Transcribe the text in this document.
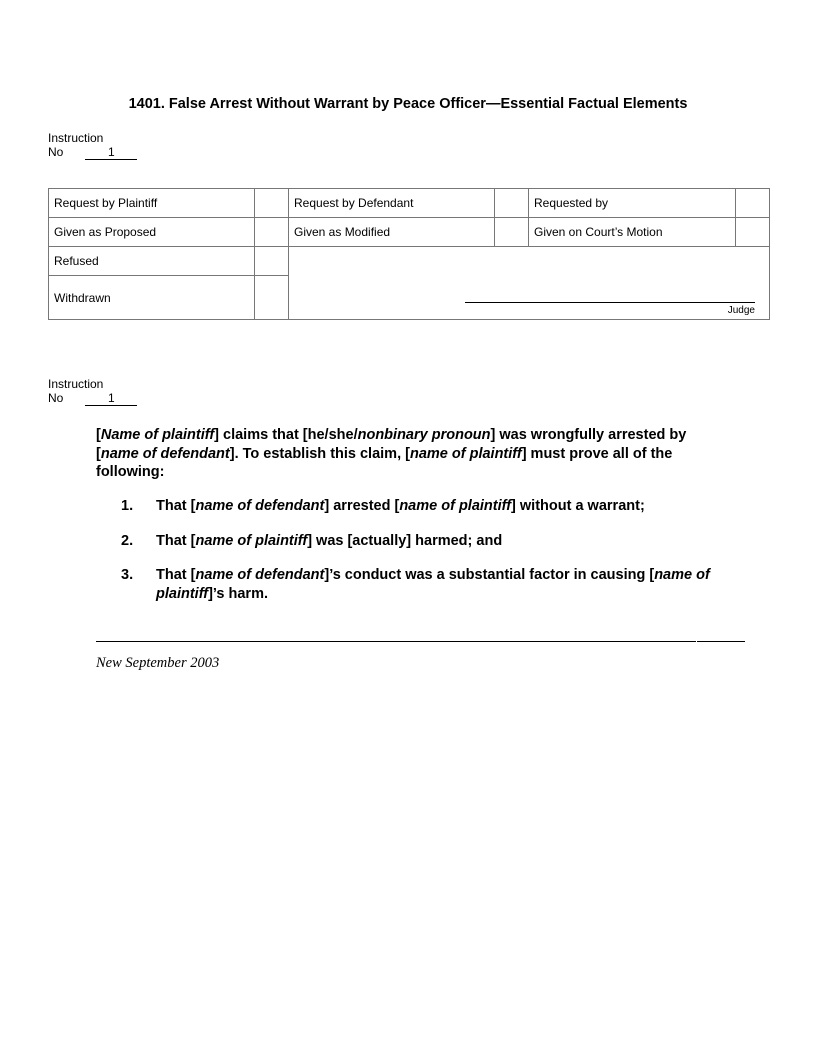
1401. False Arrest Without Warrant by Peace Officer—Essential Factual Elements
Instruction
No	1
Request by Plaintiff		Request by Defendant		Requested by	
Given as Proposed		Given as Modified		Given on Court’s Motion	
Refused		Judge			

Withdrawn					
Instruction
No	1

[Name of plaintiff] claims that [he/she/nonbinary pronoun] was wrongfully arrested by [name of defendant]. To establish this claim, [name of plaintiff] must prove all of the following:

1.	That [name of defendant] arrested [name of plaintiff] without a warrant;
2.	That [name of plaintiff] was [actually] harmed; and
3.	That [name of defendant]’s conduct was a substantial factor in causing [name of plaintiff]’s harm.
New September 2003
